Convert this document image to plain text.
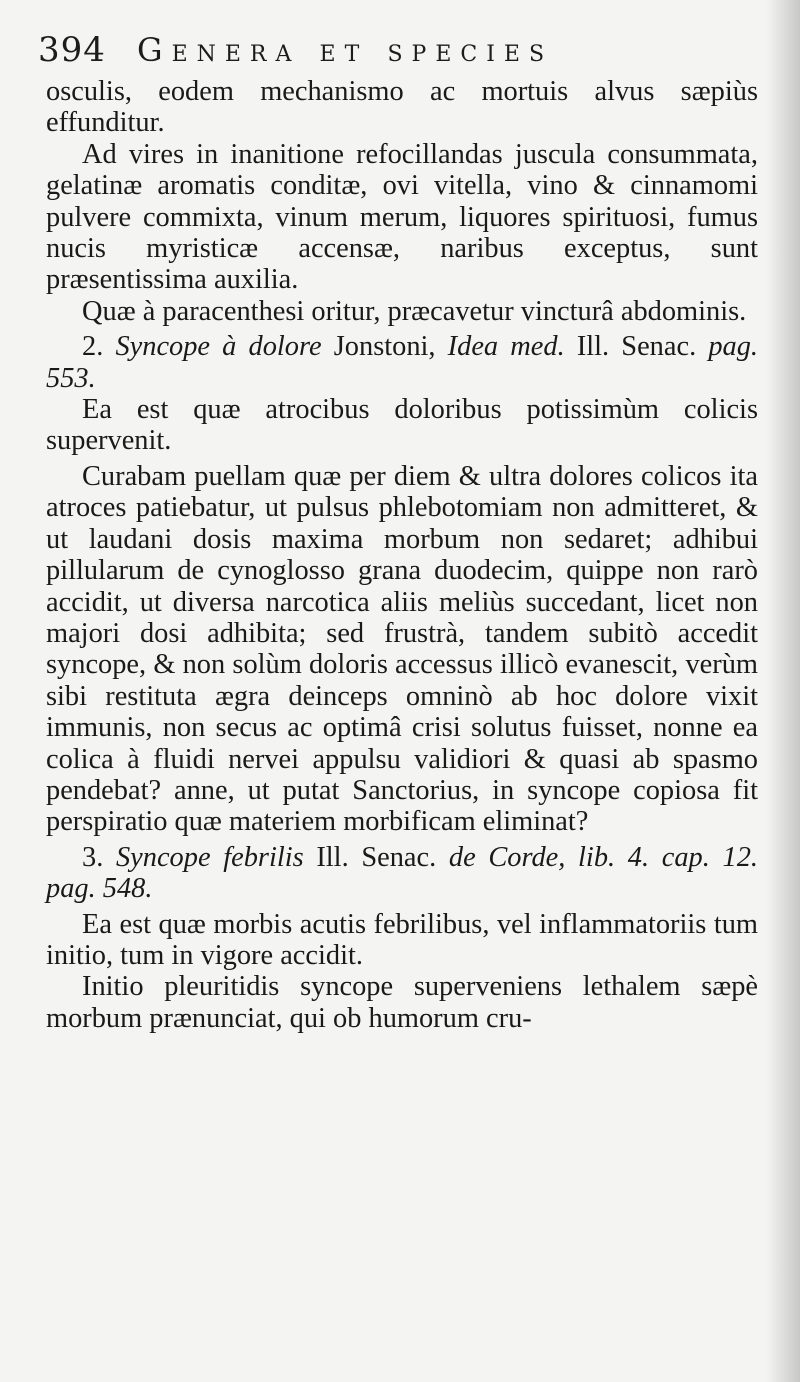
394 Genera et species

osculis, eodem mechanismo ac mortuis alvus sæpiùs effunditur.

Ad vires in inanitione refocillandas jusculа consummata, gelatinæ aromatis conditæ, ovi vitella, vino & cinnamomi pulvere commixta, vinum merum, liquores spirituosi, fumus nucis myristicæ accensæ, naribus exceptus, sunt præsentissima auxilia.

Quæ à paracenthesi oritur, præcavetur vincturâ abdominis.

2. Syncope à dolore Jonstoni, Idea med. Ill. Senac. pag. 553.

Ea est quæ atrocibus doloribus potissimùm colicis supervenit.

Curabam puellam quæ per diem & ultra dolores colicos ita atroces patiebatur, ut pulsus phlebotomiam non admitteret, & ut laudani dosis maxima morbum non sedaret; adhibui pillularum de cynoglosso grana duodecim, quippe non rarò accidit, ut diversa narcotica aliis meliùs succedant, licet non majori dosi adhibita; sed frustrà, tandem subitò accedit syncope, & non solùm doloris accessus illicò evanescit, verùm sibi restituta ægra deinceps omninò ab hoc dolore vixit immunis, non secus ac optimâ crisi solutus fuisset, nonne ea colica à fluidi nervei appulsu validiori & quasi ab spasmo pendebat? anne, ut putat Sanctorius, in syncope copiosa fit perspiratio quæ materiem morbificam eliminat?

3. Syncope febrilis Ill. Senac. de Corde, lib. 4. cap. 12. pag. 548.

Ea est quæ morbis acutis febrilibus, vel inflammatoriis tum initio, tum in vigore accidit.

Initio pleuritidis syncope superveniens lethalem sæpè morbum prænunciat, qui ob humorum cru-
